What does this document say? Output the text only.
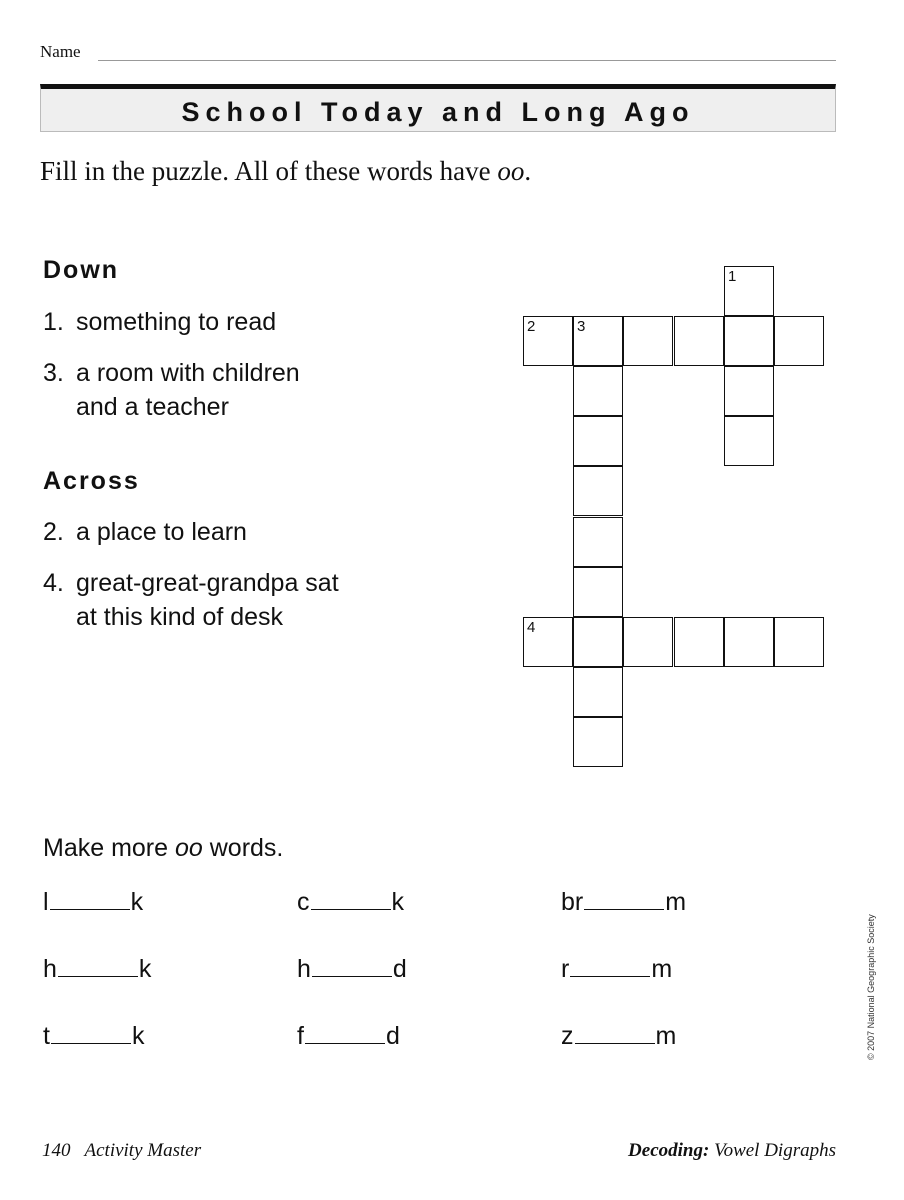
Name
School Today and Long Ago
Fill in the puzzle. All of these words have oo.
Down
1. something to read
3. a room with children
and a teacher
Across
2. a place to learn
4. great-great-grandpa sat
at this kind of desk
1
2	3
4
Make more oo words.
l	k	c	k	br	m
h	k	h	d	r	m
t	k	f	d	z	m	© 2007 National Geographic Society
140 Activity Master	Decoding: Vowel Digraphs
